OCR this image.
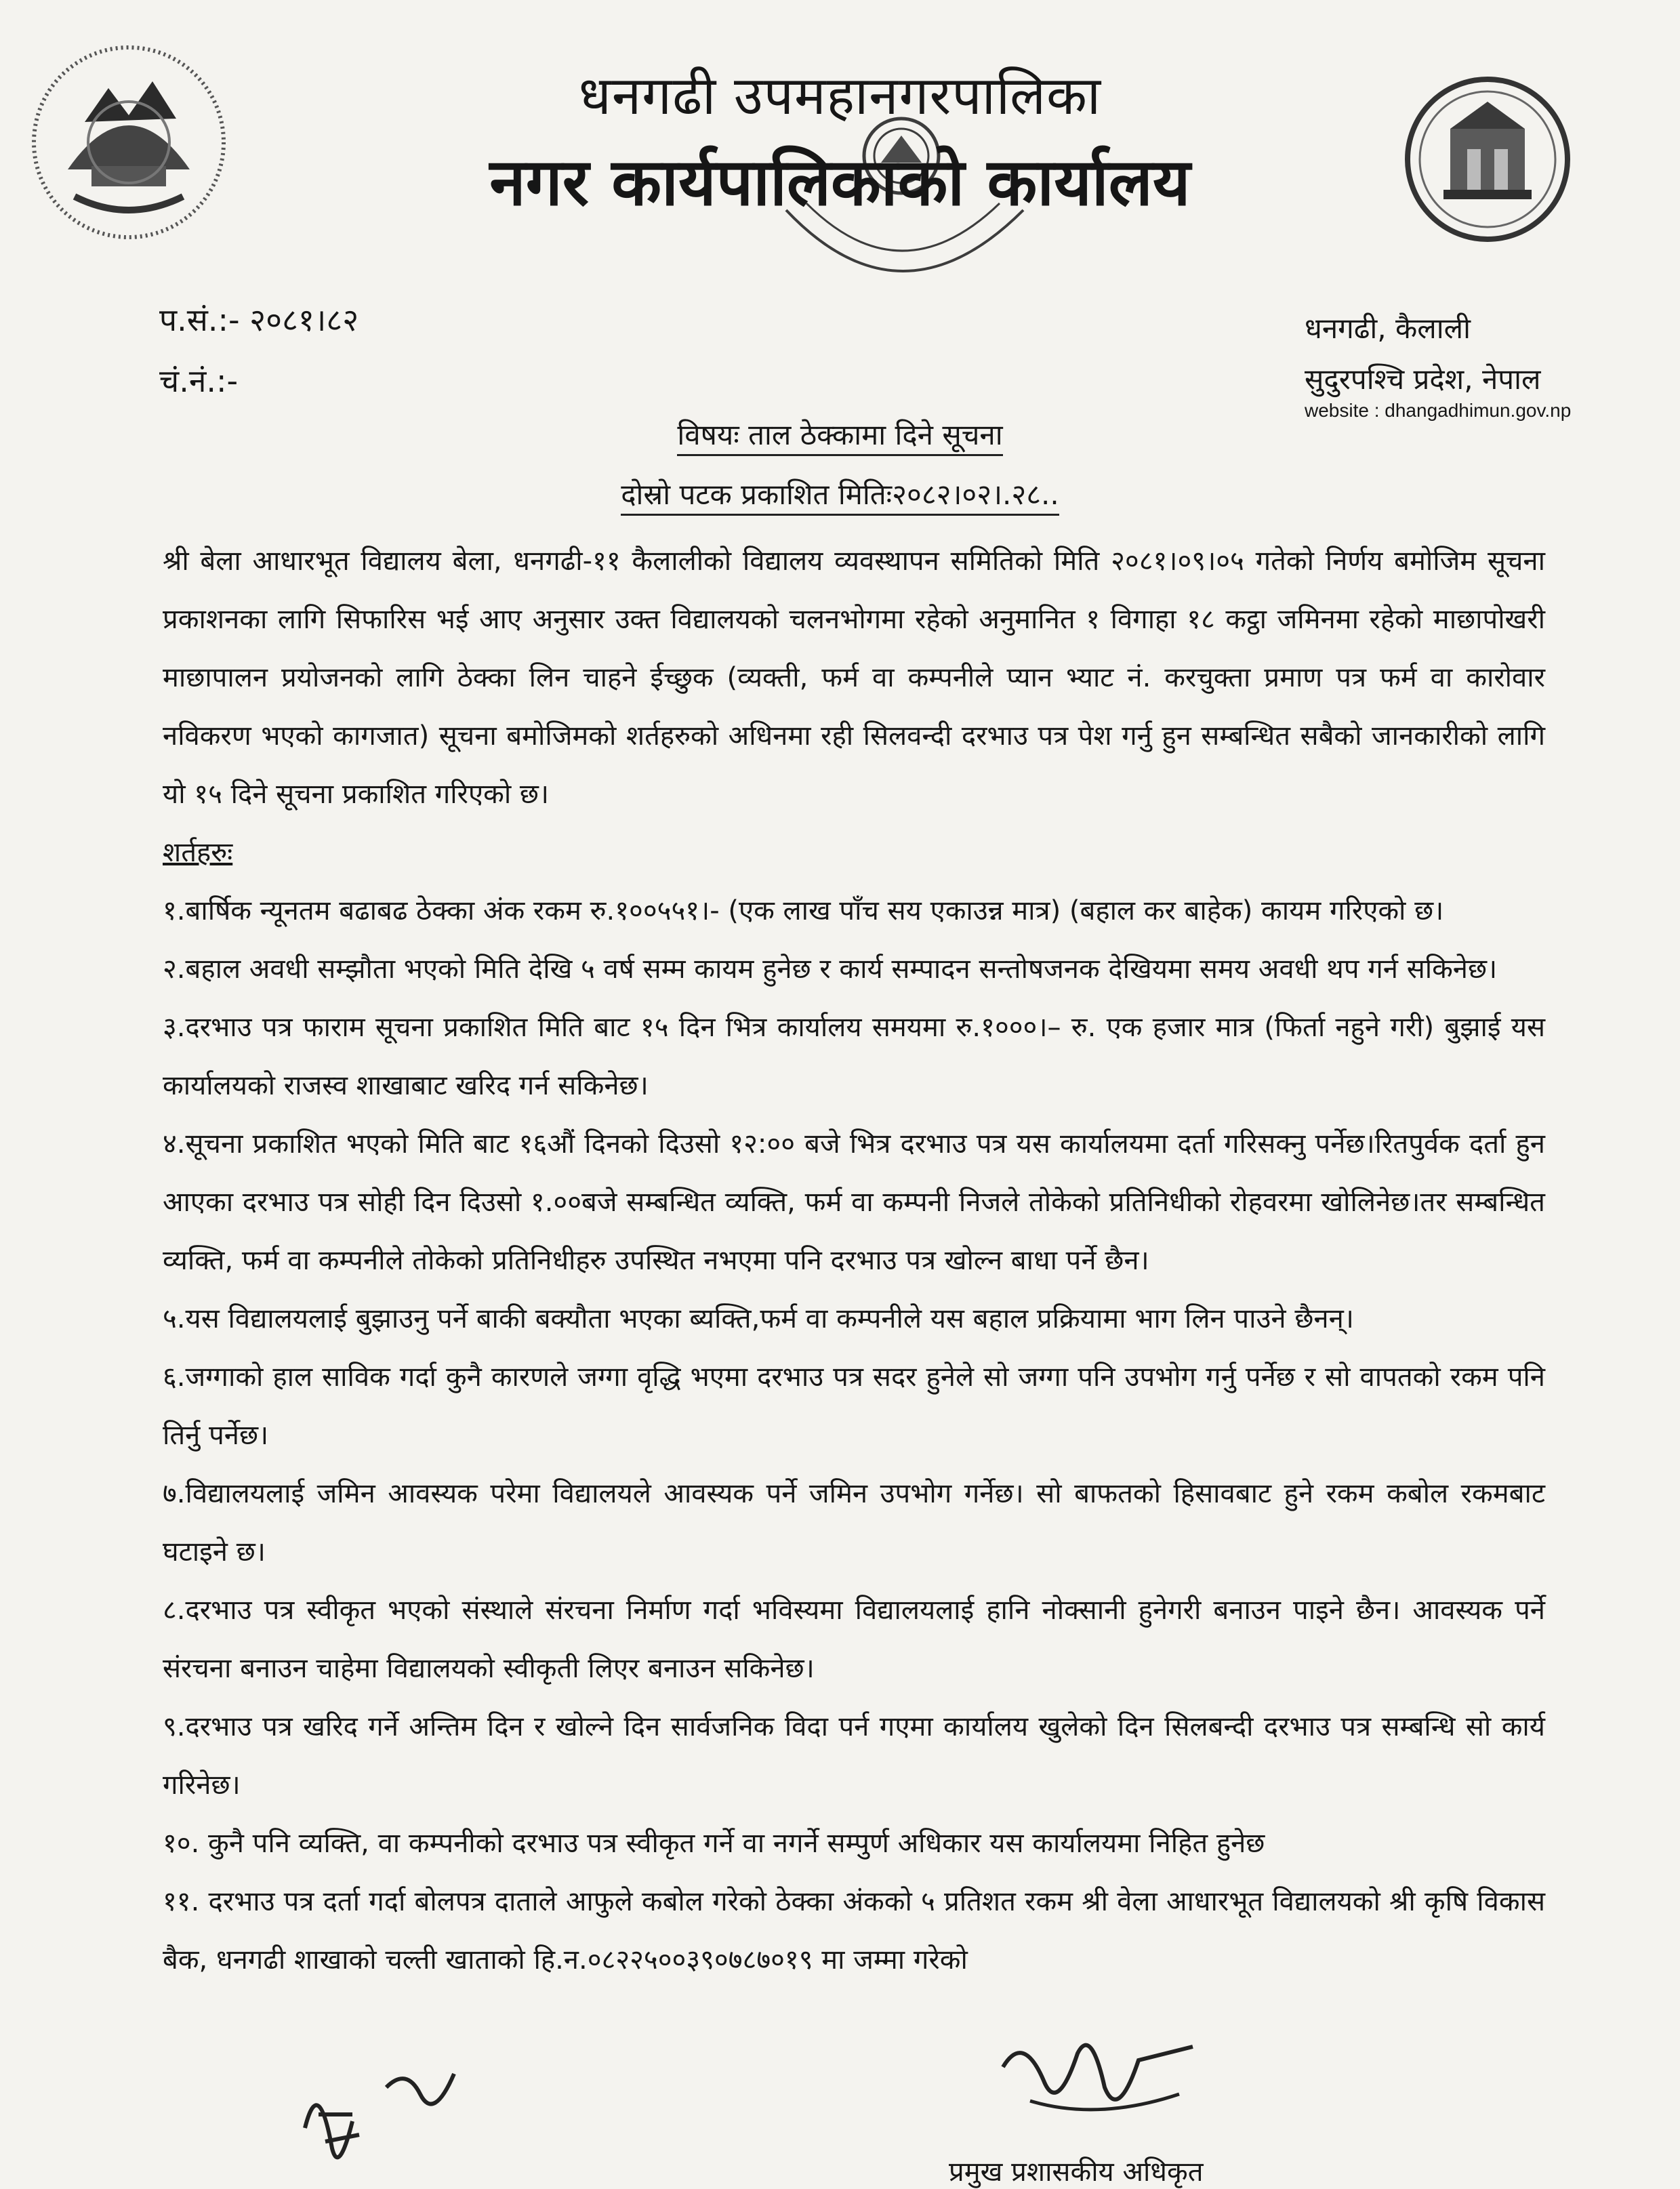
धनगढी उपमहानगरपालिका
नगर कार्यपालिकाको कार्यालय
प.सं.:- २०८१।८२
चं.नं.:-
धनगढी, कैलाली
सुदुरपश्चि प्रदेश, नेपाल
website : dhangadhimun.gov.np
विषयः ताल ठेक्कामा दिने सूचना
दोस्रो पटक प्रकाशित मितिः२०८२।०२।.२८..

श्री बेला आधारभूत विद्यालय बेला, धनगढी-११ कैलालीको विद्यालय व्यवस्थापन समितिको मिति २०८१।०९।०५ गतेको निर्णय बमोजिम सूचना प्रकाशनका लागि सिफारिस भई आए अनुसार उक्त विद्यालयको चलनभोगमा रहेको अनुमानित १ विगाहा १८ कट्ठा जमिनमा रहेको माछापोखरी माछापालन प्रयोजनको लागि ठेक्का लिन चाहने ईच्छुक (व्यक्ती, फर्म वा कम्पनीले प्यान भ्याट नं. करचुक्ता प्रमाण पत्र फर्म वा कारोवार नविकरण भएको कागजात) सूचना बमोजिमको शर्तहरुको अधिनमा रही सिलवन्दी दरभाउ पत्र पेश गर्नु हुन सम्बन्धित सबैको जानकारीको लागि यो १५ दिने सूचना प्रकाशित गरिएको छ।

शर्तहरुः

१.बार्षिक न्यूनतम बढाबढ ठेक्का अंक रकम रु.१००५५१।- (एक लाख पाँच सय एकाउन्न मात्र) (बहाल कर बाहेक) कायम गरिएको छ।

२.बहाल अवधी सम्झौता भएको मिति देखि ५ वर्ष सम्म कायम हुनेछ र कार्य सम्पादन सन्तोषजनक देखियमा समय अवधी थप गर्न सकिनेछ।

३.दरभाउ पत्र फाराम सूचना प्रकाशित मिति बाट १५ दिन भित्र कार्यालय समयमा रु.१०००।– रु. एक हजार मात्र (फिर्ता नहुने गरी) बुझाई यस कार्यालयको राजस्व शाखाबाट खरिद गर्न सकिनेछ।

४.सूचना प्रकाशित भएको मिति बाट १६औं दिनको दिउसो १२:०० बजे भित्र दरभाउ पत्र यस कार्यालयमा दर्ता गरिसक्नु पर्नेछ।रितपुर्वक दर्ता हुन आएका दरभाउ पत्र सोही दिन दिउसो १.००बजे सम्बन्धित व्यक्ति, फर्म वा कम्पनी निजले तोकेको प्रतिनिधीको रोहवरमा खोलिनेछ।तर सम्बन्धित व्यक्ति, फर्म वा कम्पनीले तोकेको प्रतिनिधीहरु उपस्थित नभएमा पनि दरभाउ पत्र खोल्न बाधा पर्ने छैन।

५.यस विद्यालयलाई बुझाउनु पर्ने बाकी बक्यौता भएका ब्यक्ति,फर्म वा कम्पनीले यस बहाल प्रक्रियामा भाग लिन पाउने छैनन्।

६.जग्गाको हाल साविक गर्दा कुनै कारणले जग्गा वृद्धि भएमा दरभाउ पत्र सदर हुनेले सो जग्गा पनि उपभोग गर्नु पर्नेछ र सो वापतको रकम पनि तिर्नु पर्नेछ।

७.विद्यालयलाई जमिन आवस्यक परेमा विद्यालयले आवस्यक पर्ने जमिन उपभोग गर्नेछ। सो बाफतको हिसावबाट हुने रकम कबोल रकमबाट घटाइने छ।

८.दरभाउ पत्र स्वीकृत भएको संस्थाले संरचना निर्माण गर्दा भविस्यमा विद्यालयलाई हानि नोक्सानी हुनेगरी बनाउन पाइने छैन। आवस्यक पर्ने संरचना बनाउन चाहेमा विद्यालयको स्वीकृती लिएर बनाउन सकिनेछ।

९.दरभाउ पत्र खरिद गर्ने अन्तिम दिन र खोल्ने दिन सार्वजनिक विदा पर्न गएमा कार्यालय खुलेको दिन सिलबन्दी दरभाउ पत्र सम्बन्धि सो कार्य गरिनेछ।

१०. कुनै पनि व्यक्ति, वा कम्पनीको दरभाउ पत्र स्वीकृत गर्ने वा नगर्ने सम्पुर्ण अधिकार यस कार्यालयमा निहित हुनेछ

११. दरभाउ पत्र दर्ता गर्दा बोलपत्र दाताले आफुले कबोल गरेको ठेक्का अंकको ५ प्रतिशत रकम श्री वेला आधारभूत विद्यालयको श्री कृषि विकास बैक, धनगढी शाखाको चल्ती खाताको हि.न.०८२२५००३९०७८७०१९ मा जम्मा गरेको

प्रमुख प्रशासकीय अधिकृत
